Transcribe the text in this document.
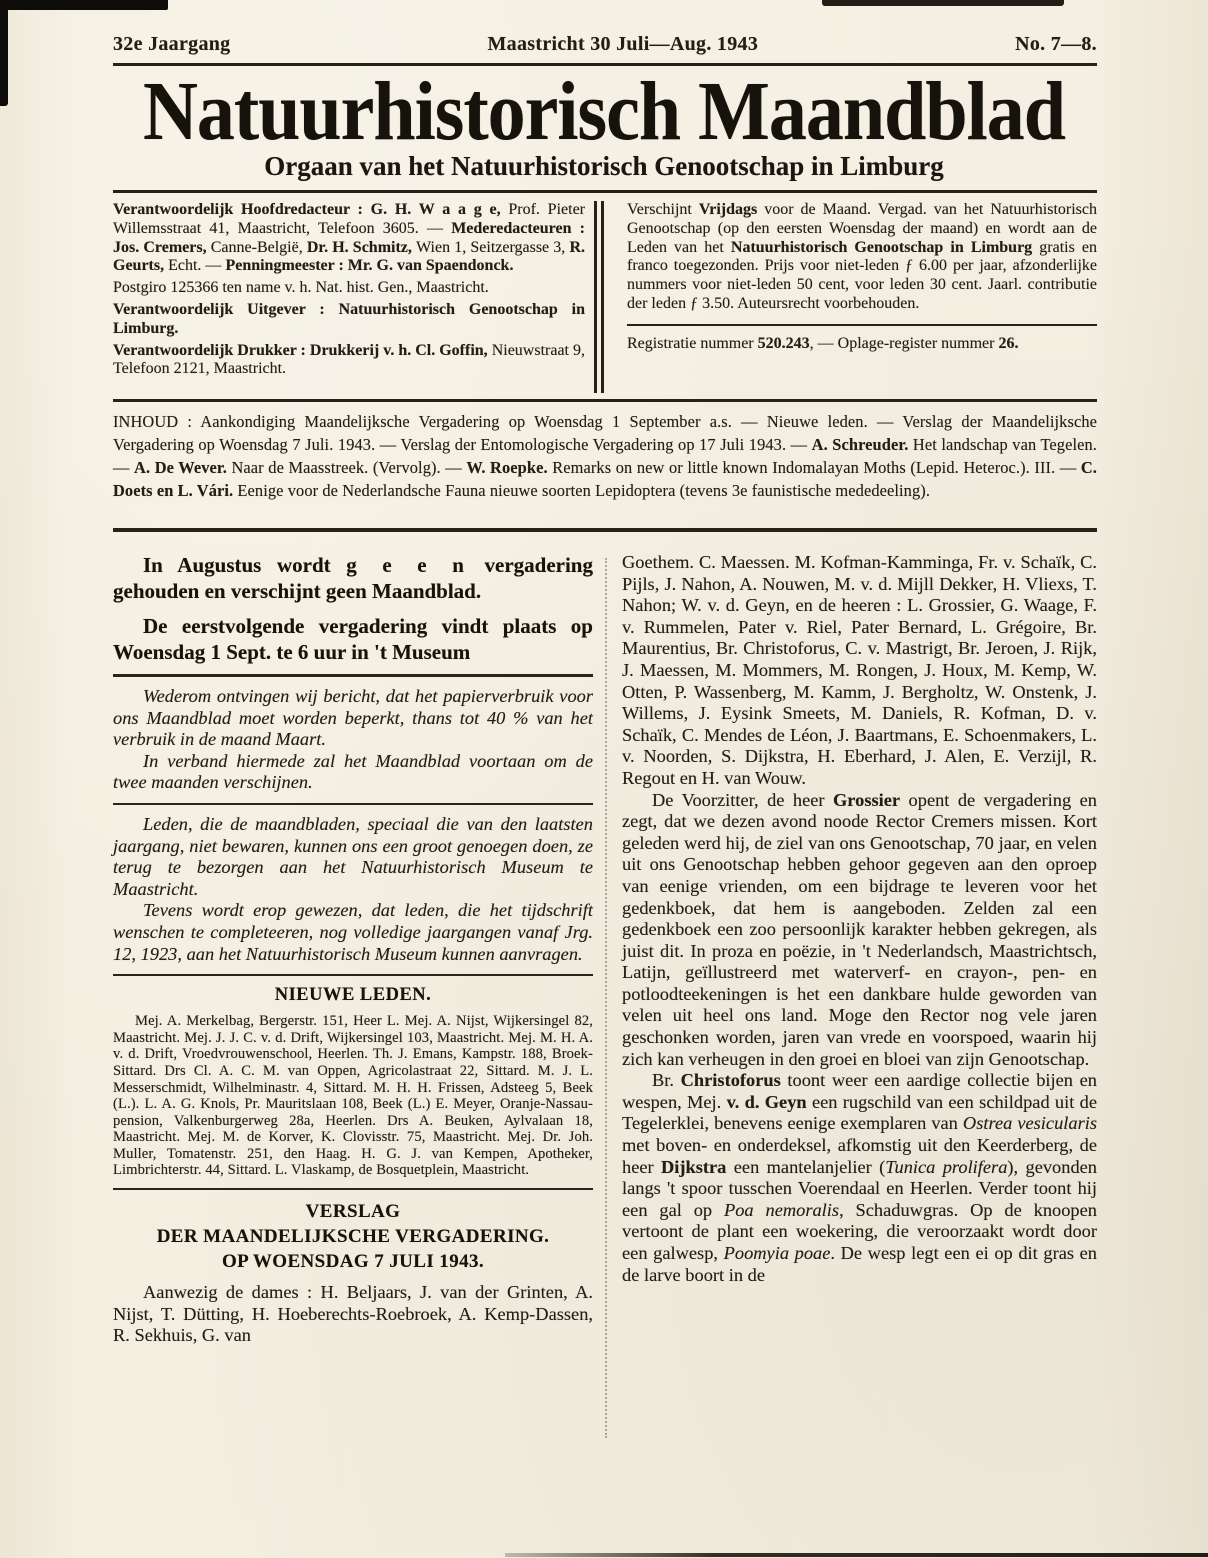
32e Jaargang	Maastricht 30 Juli—Aug. 1943	No. 7—8.
Natuurhistorisch Maandblad
Orgaan van het Natuurhistorisch Genootschap in Limburg

Verantwoordelijk Hoofdredacteur : G. H. W a a g e, Prof. Pieter Willemsstraat 41, Maastricht, Telefoon 3605. — Mederedacteuren : Jos. Cremers, Canne-België, Dr. H. Schmitz, Wien 1, Seitzergasse 3, R. Geurts, Echt. — Penningmeester : Mr. G. van Spaendonck.

Postgiro 125366 ten name v. h. Nat. hist. Gen., Maastricht.

Verantwoordelijk Uitgever : Natuurhistorisch Genootschap in Limburg.

Verantwoordelijk Drukker : Drukkerij v. h. Cl. Goffin, Nieuwstraat 9, Telefoon 2121, Maastricht.

Verschijnt Vrijdags voor de Maand. Vergad. van het Natuurhistorisch Genootschap (op den eersten Woensdag der maand) en wordt aan de Leden van het Natuurhistorisch Genootschap in Limburg gratis en franco toegezonden. Prijs voor niet-leden ƒ 6.00 per jaar, afzonderlijke nummers voor niet-leden 50 cent, voor leden 30 cent. Jaarl. contributie der leden ƒ 3.50. Auteursrecht voorbehouden.

Registratie nummer 520.243, — Oplage-register nummer 26.

INHOUD : Aankondiging Maandelijksche Vergadering op Woensdag 1 September a.s. — Nieuwe leden. — Verslag der Maandelijksche Vergadering op Woensdag 7 Juli. 1943. — Verslag der Entomologische Vergadering op 17 Juli 1943. — A. Schreuder. Het landschap van Tegelen. — A. De Wever. Naar de Maasstreek. (Vervolg). — W. Roepke. Remarks on new or little known Indomalayan Moths (Lepid. Heteroc.). III. — C. Doets en L. Vári. Eenige voor de Nederlandsche Fauna nieuwe soorten Lepidoptera (tevens 3e faunistische mededeeling).

In Augustus wordt g e e n vergadering gehouden en verschijnt geen Maandblad.

De eerstvolgende vergadering vindt plaats op Woensdag 1 Sept. te 6 uur in 't Museum

Wederom ontvingen wij bericht, dat het papierverbruik voor ons Maandblad moet worden beperkt, thans tot 40 % van het verbruik in de maand Maart.

In verband hiermede zal het Maandblad voortaan om de twee maanden verschijnen.

Leden, die de maandbladen, speciaal die van den laatsten jaargang, niet bewaren, kunnen ons een groot genoegen doen, ze terug te bezorgen aan het Natuurhistorisch Museum te Maastricht.

Tevens wordt erop gewezen, dat leden, die het tijdschrift wenschen te completeeren, nog volledige jaargangen vanaf Jrg. 12, 1923, aan het Natuurhistorisch Museum kunnen aanvragen.

NIEUWE LEDEN.

Mej. A. Merkelbag, Bergerstr. 151, Heer L. Mej. A. Nijst, Wijkersingel 82, Maastricht. Mej. J. J. C. v. d. Drift, Wijkersingel 103, Maastricht. Mej. M. H. A. v. d. Drift, Vroedvrouwenschool, Heerlen. Th. J. Emans, Kampstr. 188, Broek-Sittard. Drs Cl. A. C. M. van Oppen, Agricolastraat 22, Sittard. M. J. L. Messerschmidt, Wilhelminastr. 4, Sittard. M. H. H. Frissen, Adsteeg 5, Beek (L.). L. A. G. Knols, Pr. Mauritslaan 108, Beek (L.) E. Meyer, Oranje-Nassau-pension, Valkenburgerweg 28a, Heerlen. Drs A. Beuken, Aylvalaan 18, Maastricht. Mej. M. de Korver, K. Clovisstr. 75, Maastricht. Mej. Dr. Joh. Muller, Tomatenstr. 251, den Haag. H. G. J. van Kempen, Apotheker, Limbrichterstr. 44, Sittard. L. Vlaskamp, de Bosquetplein, Maastricht.

VERSLAG
DER MAANDELIJKSCHE VERGADERING.
OP WOENSDAG 7 JULI 1943.

Aanwezig de dames : H. Beljaars, J. van der Grinten, A. Nijst, T. Dütting, H. Hoeberechts-Roebroek, A. Kemp-Dassen, R. Sekhuis, G. van

Goethem. C. Maessen. M. Kofman-Kamminga, Fr. v. Schaïk, C. Pijls, J. Nahon, A. Nouwen, M. v. d. Mijll Dekker, H. Vliexs, T. Nahon; W. v. d. Geyn, en de heeren : L. Grossier, G. Waage, F. v. Rummelen, Pater v. Riel, Pater Bernard, L. Grégoire, Br. Maurentius, Br. Christoforus, C. v. Mastrigt, Br. Jeroen, J. Rijk, J. Maessen, M. Mommers, M. Rongen, J. Houx, M. Kemp, W. Otten, P. Wassenberg, M. Kamm, J. Bergholtz, W. Onstenk, J. Willems, J. Eysink Smeets, M. Daniels, R. Kofman, D. v. Schaïk, C. Mendes de Léon, J. Baartmans, E. Schoenmakers, L. v. Noorden, S. Dijkstra, H. Eberhard, J. Alen, E. Verzijl, R. Regout en H. van Wouw.

De Voorzitter, de heer Grossier opent de vergadering en zegt, dat we dezen avond noode Rector Cremers missen. Kort geleden werd hij, de ziel van ons Genootschap, 70 jaar, en velen uit ons Genootschap hebben gehoor gegeven aan den oproep van eenige vrienden, om een bijdrage te leveren voor het gedenkboek, dat hem is aangeboden. Zelden zal een gedenkboek een zoo persoonlijk karakter hebben gekregen, als juist dit. In proza en poëzie, in 't Nederlandsch, Maastrichtsch, Latijn, geïllustreerd met waterverf- en crayon-, pen- en potloodteekeningen is het een dankbare hulde geworden van velen uit heel ons land. Moge den Rector nog vele jaren geschonken worden, jaren van vrede en voorspoed, waarin hij zich kan verheugen in den groei en bloei van zijn Genootschap.

Br. Christoforus toont weer een aardige collectie bijen en wespen, Mej. v. d. Geyn een rugschild van een schildpad uit de Tegelerklei, benevens eenige exemplaren van Ostrea vesicularis met boven- en onderdeksel, afkomstig uit den Keerderberg, de heer Dijkstra een mantelanjelier (Tunica prolifera), gevonden langs 't spoor tusschen Voerendaal en Heerlen. Verder toont hij een gal op Poa nemoralis, Schaduwgras. Op de knoopen vertoont de plant een woekering, die veroorzaakt wordt door een galwesp, Poomyia poae. De wesp legt een ei op dit gras en de larve boort in de
